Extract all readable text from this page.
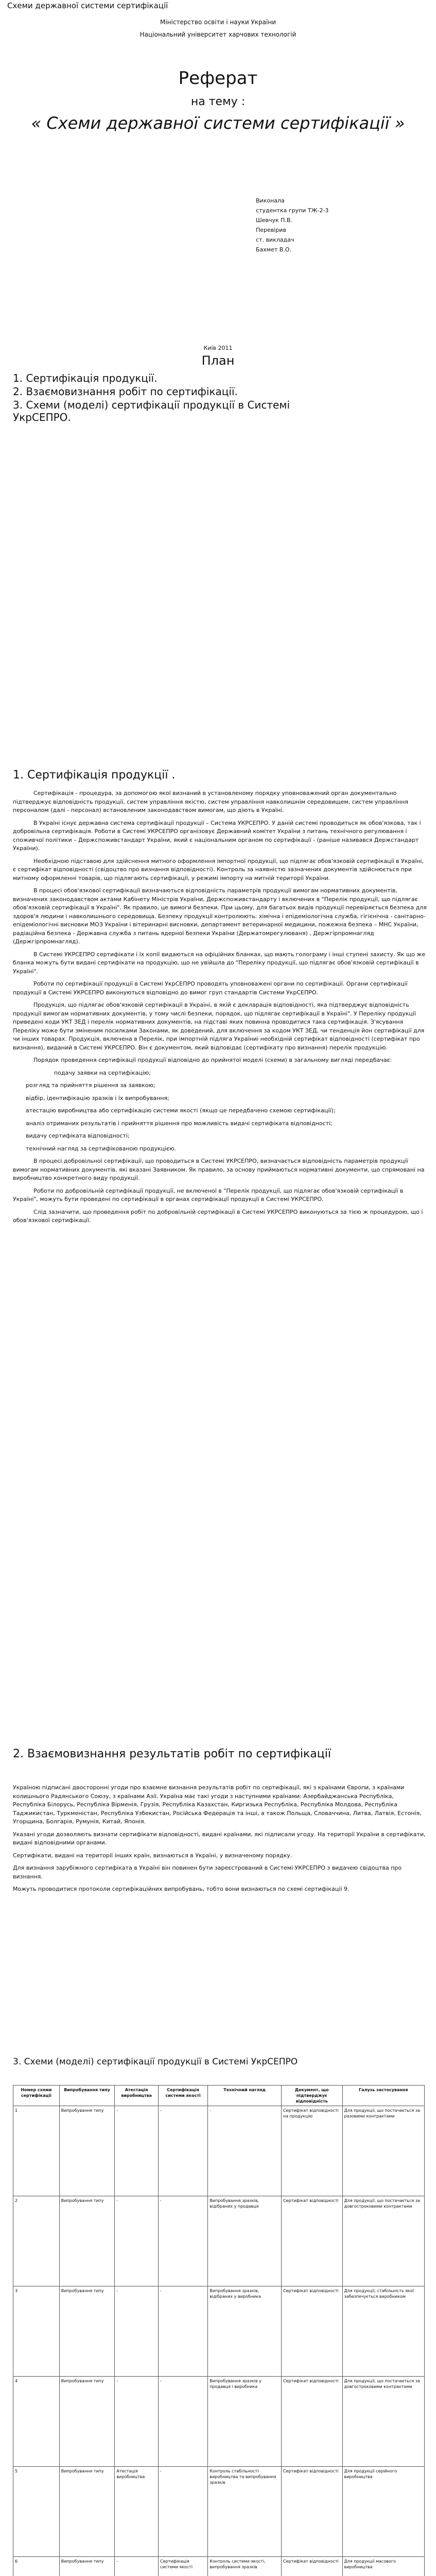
Схеми державної системи сертифікації
Міністерство освіти і науки України
Національний університет харчових технологій
Реферат
на тему :
« Схеми державної системи сертифікації »
Виконала
студентка групи ТЖ-2-3
Шевчук П.В.
Перевірив
ст. викладач
Бахмет В.О.
Київ 2011
План
1. Сертифікація продукції.
2. Взаємовизнання робіт по сертифікації.
3. Схеми (моделі) сертифікації продукції в Системі УкрСЕПРО.
1. Сертифікація продукції .

Сертифікація - процедура, за допомогою якої визнаний в установленому порядку уповноважений орган документально підтверджує відповідність продукції, систем управління якістю, систем управління навколишнім середовищем, систем управління персоналом (далі - персонал) встановленим законодавством вимогам, що діють в Україні.

В Україні існує державна система сертифікації продукції – Система УКРСЕПРО. У даній системі проводиться як обов'язкова, так і добровільна сертифікація. Роботи в Системі УКРСЕПРО організовує Державний комітет України з питань технічного регулювання і споживчої політики – Держспоживстандарт України, який є національним органом по сертифікації - (раніше називався Держстандарт України).

Необхідною підставою для здійснення митного оформлення імпортної продукції, що підлягає обов'язковій сертифікації в Україні, є сертифікат відповідності (свідоцтво про визнання відповідності). Контроль за наявністю зазначених документів здійснюється при митному оформленні товарів, що підлягають сертифікації, у режимі імпорту на митній території України.

В процесі обов'язкової сертифікації визначаються відповідність параметрів продукції вимогам нормативних документів, визначених законодавством актами Кабінету Міністрів України, Держспоживстандарту і включених в "Перелік продукції, що підлягає обов'язковій сертифікації в Україні". Як правило, це вимоги безпеки. При цьому, для багатьох видів продукції перевіряється безпека для здоров'я людини і навколишнього середовища. Безпеку продукції контролюють: хімічна і епідеміологічна служба, гігієнічна - санітарно-епідеміологічні висновки МОЗ України і вітеринарні висновки, департамент ветеринарної медицини, пожежна безпека – МНС України, радіаційна безпека - Державна служба з питань ядерної безпеки України (Держатомрегулюваня) , Держгірпромнагляд (Держгірпромнагляд).

В Системі УКРСЕПРО сертифікати і їх копії видаються на офіційних бланках, що мають голограму і інші ступені захисту. Як що же бланка можуть бути видані сертифікати на продукцію, що не увійшла до "Переліку продукції, що підлягає обов'язковій сертифікації в Україні".

Роботи по сертифікації продукції в Системі УкрСЕПРО проводять уповноважені органи по сертифікації. Органи сертифікації продукції в Системі УКРСЕПРО виконуються відповідно до вимог груп стандартів Системи УкрСЕПРО.

Продукція, що підлягає обов'язковій сертифікації в Україні, в якій є декларація відповідності, яка підтверджує відповідність продукції вимогам нормативних документів, у тому числі безпеки, порядок, що підлягає сертифікації в Україні". У Переліку продукції приведені коди УКТ ЗЕД і перелік нормативних документів, на підставі яких повинна проводитися така сертифікація. З'ясування Переліку може бути зміненим посилками Законами, як доведений, для включення за кодом УКТ ЗЕД, чи тенденція йон сертифікації для чи інших товарах. Продукція, включена в Перелік, при імпортній підляга Україниі необхідній сертифікат відповідності (сертифікат про визнання), виданий в Системі УКРСЕПРО. Він є документом, який відповідає (сертифікату про визнання) перелік продукцію.

Порядок проведення сертифікації продукції відповідно до прийнятої моделі (схеми) в загальному вигляді передбачає:

подачу заявки на сертифікацію;

розгляд та прийняття рішення за заявкою;

відбір, ідентифікацію зразків і їх випробування;

атестацію виробництва або сертифікацію системи якості (якщо це передбачено схемою сертифікації);

аналіз отриманих результатів і прийняття рішення про можливість видачі сертифіката відповідності;

видачу сертифіката відповідності;

технічний нагляд за сертифікованою продукцією.

В процесі добровільної сертифікації, що проводиться в Системі УКРСЕПРО, визначається відповідність параметрів продукції вимогам нормативних документів, які вказані Заявником. Як правило, за основу приймаються нормативні документи, що спрямовані на виробництво конкретного виду продукції.

Роботи по добровільній сертифікації продукції, не включеної в "Перелік продукції, що підлягає обов'язковій сертифікації в Україні", можуть бути проведені по сертифікації в органах сертифікації продукції в Системі УКРСЕПРО.

Слід зазначити, що проведення робіт по добровільній сертифікації в Системі УКРСЕПРО виконуються за тією ж процедурою, що і обов'язкової сертифікації.

2. Взаємовизнання результатів робіт по сертифікації

Україною підписані двосторонні угоди про взаємне визнання результатів робіт по сертифікації, які з країнами Європи, з країнами колишнього Радянського Союзу, з країнами Азії. Україна має такі угоди з наступними країнами: Азербайджанська Республіка, Республіка Білорусь, Республіка Вірменія, Грузія, Республіка Казахстан, Киргизька Республіка, Республіка Молдова, Республіка Таджикистан, Туркменістан, Республіка Узбекистан, Російська Федерація та інші, а також Польща, Словаччина, Литва, Латвія, Естонія, Угорщина, Болгарія, Румунія, Китай, Японія.

Указані угоди дозволяють визнати сертифікати відповідності, видані країнами, які підписали угоду. На території України в сертифікати, видані відповідними органами.

Сертифікати, видані на території інших країн, визнаються в Україні, у визначеному порядку.

Для визнання зарубіжного сертифіката в Україні він повинен бути зареєстрований в Системі УКРСЕПРО з видачею свідоцтва про визнання.

Можуть проводитися протоколи сертифікаційних випробувань, тобто вони визнаються по схемі сертифікації 9.

3. Схеми (моделі) сертифікації продукції в Системі УкрСЕПРО
Номер схеми сертифікації	Випробування типу	Атестація виробництва	Сертифікація системи якості	Технічний нагляд	Документ, що підтверджує відповідність	Галузь застосування
1	Випробування типу	-	-	-	Сертифікат відповідності на продукцію	Для продукції, що постачається за разовими контрактами
2	Випробування типу	-	-	Випробування зразків, відібраних у продавця	Сертифікат відповідності	Для продукції, що постачається за довгостроковими контрактами
3	Випробування типу	-	-	Випробування зразків, відібраних у виробника	Сертифікат відповідності	Для продукції, стабільність якої забезпечується виробником
4	Випробування типу	-	-	Випробування зразків у продавця і виробника	Сертифікат відповідності	Для продукції, що постачається за довгостроковими контрактами
5	Випробування типу	Атестація виробництва	-	Контроль стабільності виробництва та випробування зразків	Сертифікат відповідності	Для продукції серійного виробництва
6	Випробування типу	-	Сертифікація системи якості	Контроль системи якості, випробування зразків	Сертифікат відповідності	Для продукції масового виробництва
